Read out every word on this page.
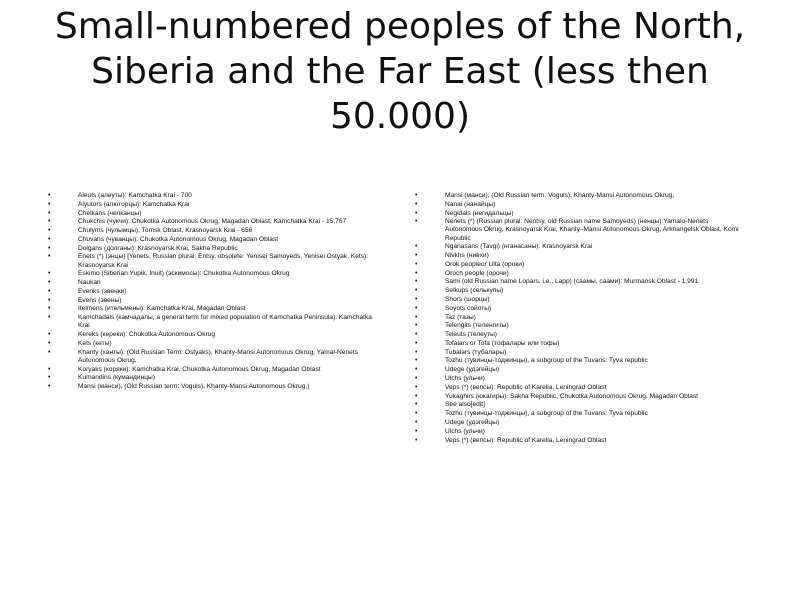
Small-numbered peoples of the North, Siberia and the Far East (less then 50.000)
•	Aleuts (алеуты): Kamchatka Krai - 700
•	Alyutors (алюторцы): Kamchatka Krai
•	Chelkans (челканцы)
•	Chukchis (чукчи): Chukotka Autonomous Okrug, Magadan Oblast, Kamchatka Krai - 15,767
•	Chulyms (чулымцы), Tomsk Oblast, Krasnoyarsk Krai - 656
•	Chuvans (чуванцы): Chukotka Autonomous Okrug, Magadan Oblast
•	Dolgans (долганы): Krasnoyarsk Krai, Sakha Republic
•	Enets (*) (энцы) [Yenets, Russian plural: Entsy, obsolete: Yenisei Samoyeds, Yenisei Ostyak, Kets): Krasnoyarsk Krai
•	Eskimo (Siberian Yupik, Inuit) (эскимосы): Chukotka Autonomous Okrug
•	Naukan
•	Evenks (эвенки)
•	Evens (эвены)
•	Itelmens (ительмены): Kamchatka Krai, Magadan Oblast
•	Kamchadals (камчадалы, a general term for mixed population of Kamchatka Peninsula): Kamchatka Krai
•	Kereks (кереки): Chukotka Autonomous Okrug
•	Kets (кеты)
•	Khanty (ханты): (Old Russian Term: Ostyaks), Khanty-Mansi Autonomous Okrug, Yamal-Nenets Autonomous Okrug,
•	Koryaks (коряки): Kamchatka Krai, Chukotka Autonomous Okrug, Magadan Oblast
•	Kumandins (кумандинцы)
•	Mansi (манси), (Old Russian term: Voguls), Khanty-Mansi Autonomous Okrug,)
•	Mansi (манси), (Old Russian term: Voguls), Khanty-Mansi Autonomous Okrug,
•	Nanai (нанайцы)
•	Negidals (негидальцы)
•	Nenets (*) (Russian plural: Nentsy, old Russian name Samoyeds) (ненцы):Yamalo-Nenets Autonomous Okrug, Krasnoyarsk Krai, Khanty–Mansi Autonomous Okrug, Arkhangelsk Oblast, Komi Republic
•	Nganasans (Tavgi) (нганасаны): Krasnoyarsk Krai
•	Nivkhs (нивхи)
•	Orok peopleor Ulta (ороки)
•	Oroch people (орочи)
•	Sami (old Russian name Lopars, i.e., Lapp) (саамы, саами): Murmansk Oblast - 1,991
•	Selkups (селькупы)
•	Shors (шорцы)
•	Soyots сойоты)
•	Taz (тазы)
•	Telengits (теленгиты)
•	Teleuts (телеуты)
•	Tofalars or Tofa (тофалары или тофы)
•	Tubalars (тубалары)
•	Tozhu (тувинцы-тоджинцы), a subgroup of the Tuvans: Tyva republic
•	Udege (удэгейцы)
•	Ulchs (ульчи)
•	Veps (*) (вепсы): Republic of Karelia, Leningrad Oblast
•	Yukaghirs (юкагиры): Sakha Republic, Chukotka Autonomous Okrug, Magadan Oblast
•	See also[edit]
•	Tozhu (тувинцы-тоджинцы), a subgroup of the Tuvans: Tyva republic
•	Udege (удэгейцы)
•	Ulchs (ульчи)
•	Veps (*) (вепсы): Republic of Karelia, Leningrad Oblast
